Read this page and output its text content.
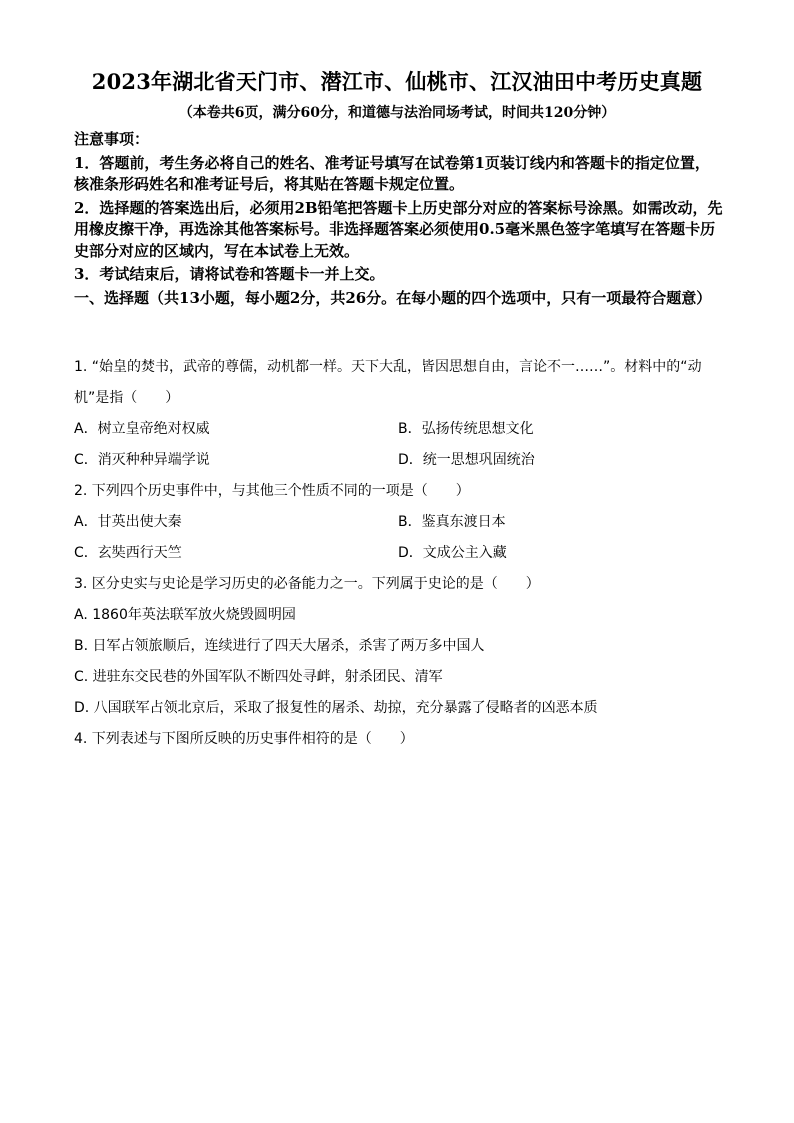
2023年湖北省天门市、潜江市、仙桃市、江汉油田中考历史真题
（本卷共6页，满分60分，和道德与法治同场考试，时间共120分钟）
注意事项：
1．答题前，考生务必将自己的姓名、准考证号填写在试卷第1页装订线内和答题卡的指定位置，核准条形码姓名和准考证号后，将其贴在答题卡规定位置。
2．选择题的答案选出后，必须用2B铅笔把答题卡上历史部分对应的答案标号涂黑。如需改动，先用橡皮擦干净，再选涂其他答案标号。非选择题答案必须使用0.5毫米黑色签字笔填写在答题卡历史部分对应的区域内，写在本试卷上无效。
3．考试结束后，请将试卷和答题卡一并上交。
一、选择题（共13小题，每小题2分，共26分。在每小题的四个选项中，只有一项最符合题意）
1. “始皇的焚书，武帝的尊儒，动机都一样。天下大乱，皆因思想自由，言论不一……”。材料中的“动机”是指（　　）
A．树立皇帝绝对权威	B．弘扬传统思想文化
C．消灭种种异端学说	D．统一思想巩固统治
2. 下列四个历史事件中，与其他三个性质不同的一项是（　　）
A．甘英出使大秦	B．鉴真东渡日本
C．玄奘西行天竺	D．文成公主入藏
3. 区分史实与史论是学习历史的必备能力之一。下列属于史论的是（　　）
A. 1860年英法联军放火烧毁圆明园
B. 日军占领旅顺后，连续进行了四天大屠杀，杀害了两万多中国人
C. 进驻东交民巷的外国军队不断四处寻衅，射杀团民、清军
D. 八国联军占领北京后，采取了报复性的屠杀、劫掠，充分暴露了侵略者的凶恶本质
4. 下列表述与下图所反映的历史事件相符的是（　　）
